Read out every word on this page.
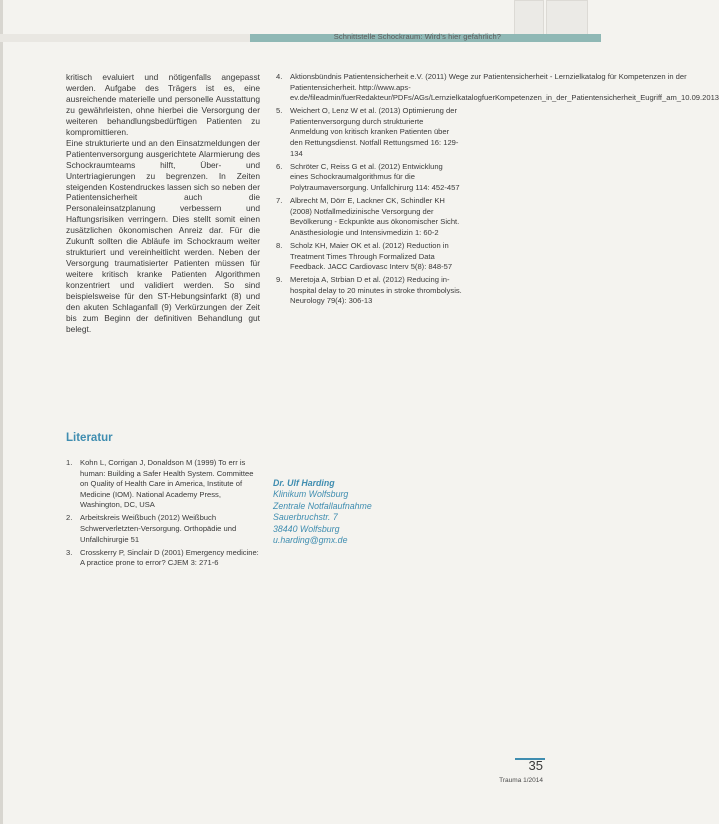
Schnittstelle Schockraum: Wird's hier gefahrlich?

kritisch evaluiert und nötigenfalls angepasst werden. Aufgabe des Trägers ist es, eine ausreichende materielle und personelle Ausstattung zu gewährleisten, ohne hierbei die Versorgung der weiteren behandlungsbedürftigen Patienten zu kompromittieren.

Eine strukturierte und an den Einsatzmeldungen der Patientenversorgung ausgerichtete Alarmierung des Schockraumteams hilft, Über- und Untertriagierungen zu begrenzen. In Zeiten steigenden Kostendruckes lassen sich so neben der Patientensicherheit auch die Personaleinsatzplanung verbessern und Haftungsrisiken verringern. Dies stellt somit einen zusätzlichen ökonomischen Anreiz dar. Für die Zukunft sollten die Abläufe im Schockraum weiter strukturiert und vereinheitlicht werden. Neben der Versorgung traumatisierter Patienten müssen für weitere kritisch kranke Patienten Algorithmen konzentriert und validiert werden. So sind beispielsweise für den ST-Hebungsinfarkt (8) und den akuten Schlaganfall (9) Verkürzungen der Zeit bis zum Beginn der definitiven Behandlung gut belegt.

4.	Aktionsbündnis Patientensicherheit e.V. (2011) Wege zur Patientensicherheit - Lernzielkatalog für Kompetenzen in der Patientensicherheit. http://www.aps-ev.de/fileadmin/fuerRedakteur/PDFs/AGs/LernzielkatalogfuerKompetenzen_in_der_Patientensicherheit_Eugriff_am_10.09.2013
5.	Weichert O, Lenz W et al. (2013) Optimierung der Patientenversorgung durch strukturierte Anmeldung von kritisch kranken Patienten über den Rettungsdienst. Notfall Rettungsmed 16: 129-134
6.	Schröter C, Reiss G et al. (2012) Entwicklung eines Schockraumalgorithmus für die Polytraumaversorgung. Unfallchirurg 114: 452-457
7.	Albrecht M, Dörr E, Lackner CK, Schindler KH (2008) Notfallmedizinische Versorgung der Bevölkerung - Eckpunkte aus ökonomischer Sicht. Anästhesiologie und Intensivmedizin 1: 60-2
8.	Scholz KH, Maier OK et al. (2012) Reduction in Treatment Times Through Formalized Data Feedback. JACC Cardiovasc Interv 5(8): 848-57
9.	Meretoja A, Strbian D et al. (2012) Reducing in-hospital delay to 20 minutes in stroke thrombolysis. Neurology 79(4): 306-13
Literatur
1.	Kohn L, Corrigan J, Donaldson M (1999) To err is human: Building a Safer Health System. Committee on Quality of Health Care in America, Institute of Medicine (IOM). National Academy Press, Washington, DC, USA
2.	Arbeitskreis Weißbuch (2012) Weißbuch Schwerverletzten-Versorgung. Orthopädie und Unfallchirurgie 51
3.	Crosskerry P, Sinclair D (2001) Emergency medicine: A practice prone to error? CJEM 3: 271-6
Dr. Ulf Harding
Klinikum Wolfsburg
Zentrale Notfallaufnahme
Sauerbruchstr. 7
38440 Wolfsburg
u.harding@gmx.de
35
Trauma 1/2014
